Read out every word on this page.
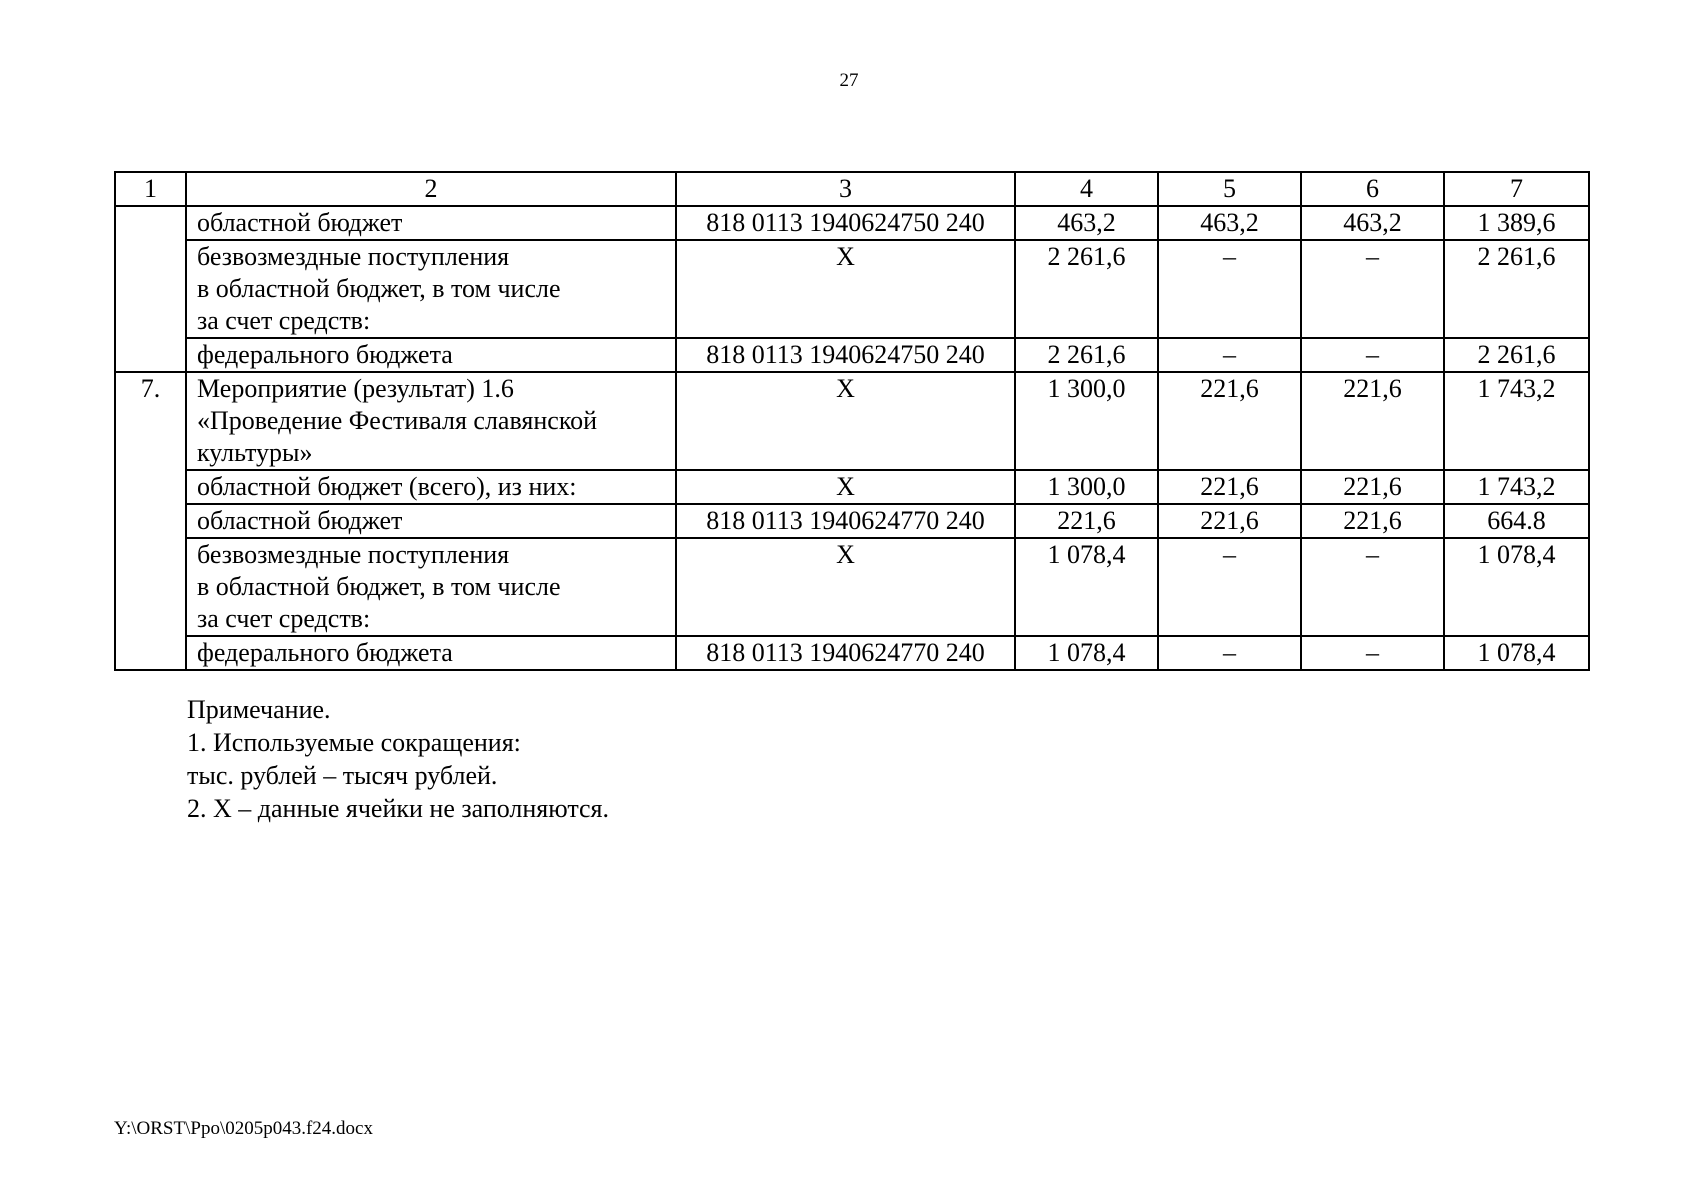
27
1	2	3	4	5	6	7
	областной бюджет	818 0113 1940624750 240	463,2	463,2	463,2	1 389,6
	безвозмездные поступления
в областной бюджет, в том числе
за счет средств:	Х	2 261,6	–	–	2 261,6
	федерального бюджета	818 0113 1940624750 240	2 261,6	–	–	2 261,6
7.	Мероприятие (результат) 1.6
«Проведение Фестиваля славянской
культуры»	Х	1 300,0	221,6	221,6	1 743,2
	областной бюджет (всего), из них:	Х	1 300,0	221,6	221,6	1 743,2
	областной бюджет	818 0113 1940624770 240	221,6	221,6	221,6	664.8
	безвозмездные поступления
в областной бюджет, в том числе
за счет средств:	Х	1 078,4	–	–	1 078,4
	федерального бюджета	818 0113 1940624770 240	1 078,4	–	–	1 078,4
Примечание.
1. Используемые сокращения:
тыс. рублей – тысяч рублей.
2. Х – данные ячейки не заполняются.
Y:\ORST\Ppo\0205p043.f24.docx
